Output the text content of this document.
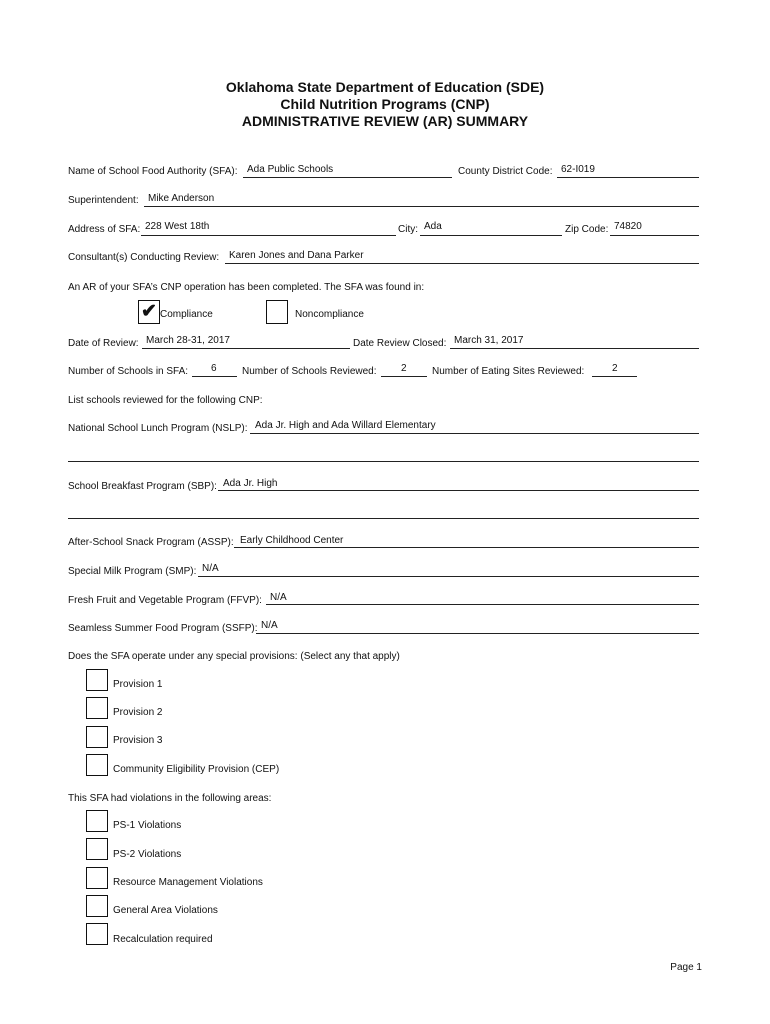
Oklahoma State Department of Education (SDE)
Child Nutrition Programs (CNP)
ADMINISTRATIVE REVIEW (AR) SUMMARY
Name of School Food Authority (SFA): Ada Public Schools	County District Code: 62-I019
Superintendent: Mike Anderson
Address of SFA: 228 West 18th	City: Ada	Zip Code: 74820
Consultant(s) Conducting Review: Karen Jones and Dana Parker
An AR of your SFA’s CNP operation has been completed. The SFA was found in:
✔ Compliance	Noncompliance
Date of Review: March 28-31, 2017	Date Review Closed: March 31, 2017
Number of Schools in SFA: 6	Number of Schools Reviewed: 2	Number of Eating Sites Reviewed:	2
List schools reviewed for the following CNP:
National School Lunch Program (NSLP): Ada Jr. High and Ada Willard Elementary
School Breakfast Program (SBP): Ada Jr. High
After-School Snack Program (ASSP): Early Childhood Center
Special Milk Program (SMP): N/A
Fresh Fruit and Vegetable Program (FFVP): N/A
Seamless Summer Food Program (SSFP): N/A
Does the SFA operate under any special provisions: (Select any that apply)
Provision 1
Provision 2
Provision 3
Community Eligibility Provision (CEP)
This SFA had violations in the following areas:
PS-1 Violations
PS-2 Violations
Resource Management Violations
General Area Violations
Recalculation required
Page 1
